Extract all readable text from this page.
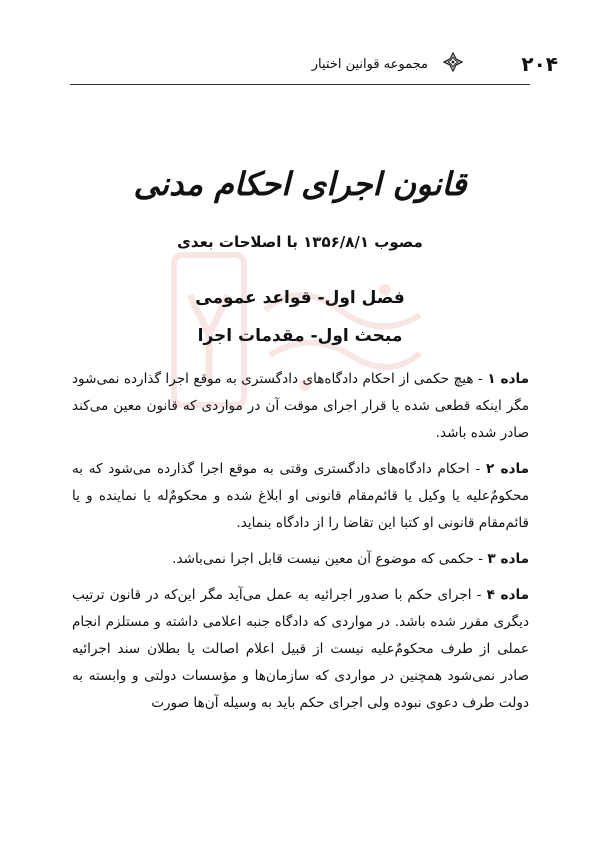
۲۰۴
مجموعه قوانین اختیار
قانون اجرای احکام مدنی
مصوب ۱۳۵۶/۸/۱ با اصلاحات بعدی
فصل اول- قواعد عمومی
مبحث اول- مقدمات اجرا

ماده ۱ - هیچ حکمی از احکام دادگاه‌های دادگستری به موقع اجرا گذارده نمی‌شود مگر اینکه قطعی شده یا قرار اجرای موقت آن در مواردی که قانون معین می‌کند صادر شده باشد.

ماده ۲ - احکام دادگاه‌های دادگستری وقتی به موقع اجرا گذارده می‌شود که به محکومٌ‌علیه یا وکیل یا قائم‌مقام قانونی او ابلاغ شده و محکومٌ‌له یا نماینده و یا قائم‌مقام قانونی او کتبا این تقاضا را از دادگاه بنماید.

ماده ۳ - حکمی که موضوع آن معین نیست قابل اجرا نمی‌باشد.

ماده ۴ - اجرای حکم با صدور اجرائیه به عمل می‌آید مگر این‌که در قانون ترتیب دیگری مقرر شده باشد. در مواردی که دادگاه جنبه اعلامی داشته و مستلزم انجام عملی از طرف محکومٌ‌علیه نیست از قبیل اعلام اصالت یا بطلان سند اجرائیه صادر نمی‌شود همچنین در مواردی که سازمان‌ها و مؤسسات دولتی و وابسته به دولت طرف دعوی نبوده ولی اجرای حکم باید به وسیله آن‌ها صورت
